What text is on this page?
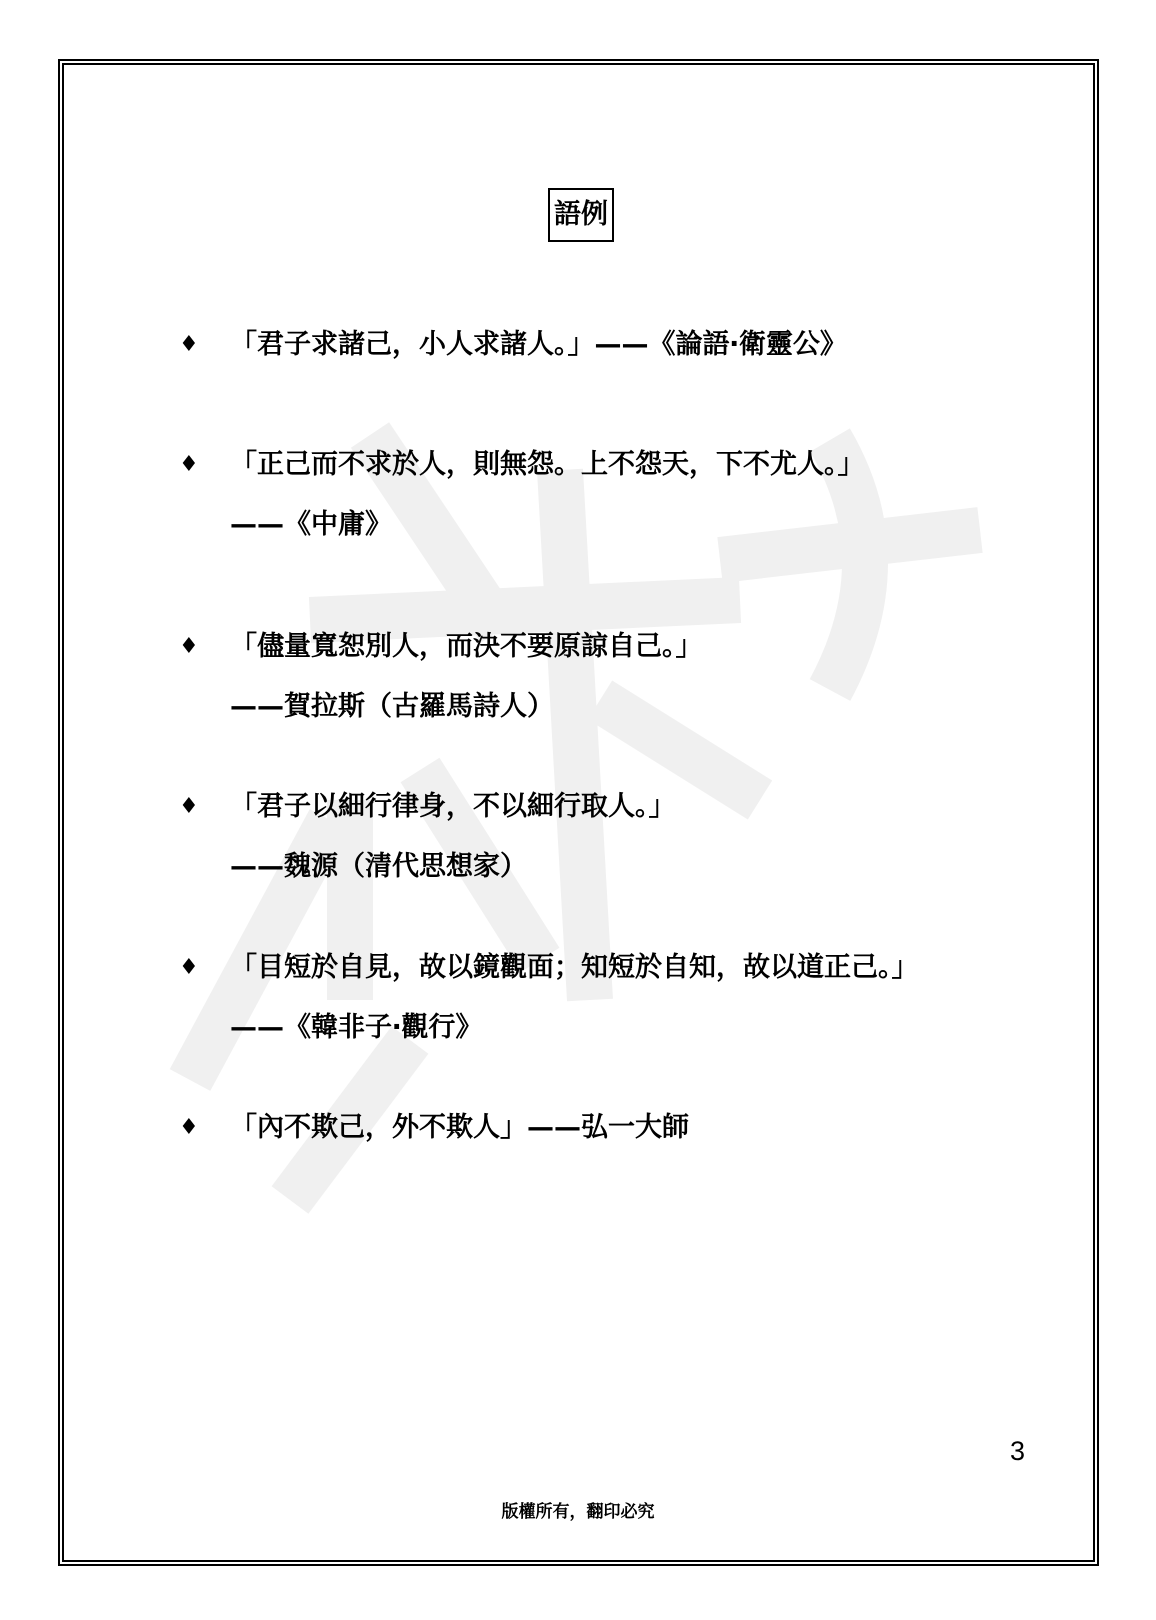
語例
♦ 「君子求諸己，小人求諸人。」——《論語‧衛靈公》
♦ 「正己而不求於人，則無怨。上不怨天，下不尤人。」
——《中庸》
♦ 「儘量寬恕別人，而決不要原諒自己。」
——賀拉斯（古羅馬詩人）
♦ 「君子以細行律身，不以細行取人。」
——魏源（清代思想家）
♦ 「目短於自見，故以鏡觀面；知短於自知，故以道正己。」
——《韓非子‧觀行》
♦ 「內不欺己，外不欺人」——弘一大師
3
版權所有，翻印必究
